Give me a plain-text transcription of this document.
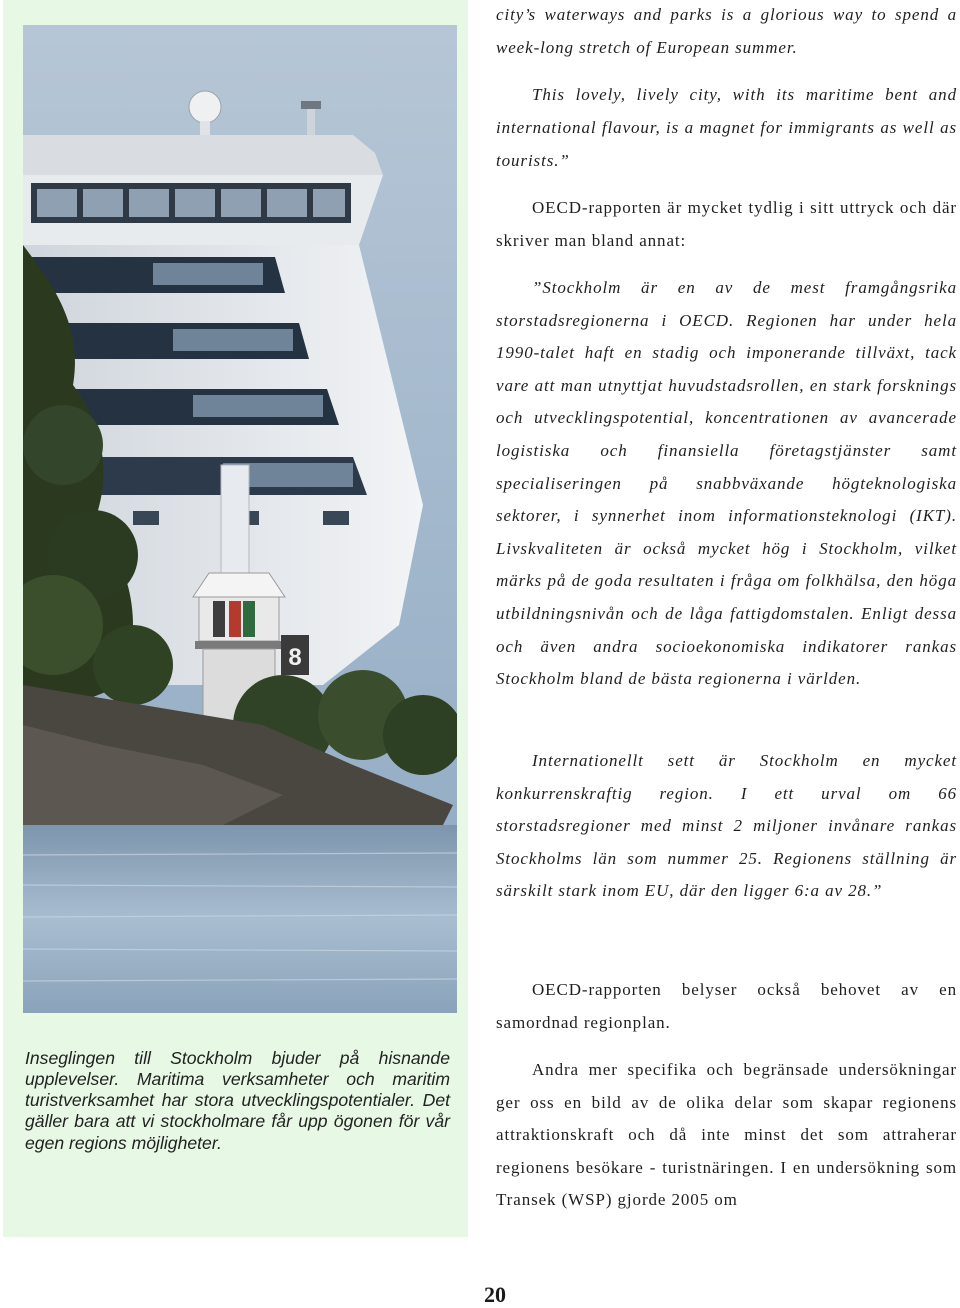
8

Inseglingen till Stockholm bjuder på hisnande upplevelser. Maritima verksamheter och maritim turistverksamhet har stora utvecklingspotentialer. Det gäller bara att vi stockholmare får upp ögonen för vår egen regions möjligheter.

city’s waterways and parks is a glorious way to spend a week-long stretch of European summer.

This lovely, lively city, with its maritime bent and international flavour, is a magnet for immigrants as well as tourists.”

OECD-rapporten är mycket tydlig i sitt uttryck och där skriver man bland annat:

”Stockholm är en av de mest framgångsrika storstadsregionerna i OECD. Regionen har under hela 1990-talet haft en stadig och imponerande tillväxt, tack vare att man utnyttjat huvudstadsrollen, en stark forsknings och utvecklingspotential, koncentrationen av avancerade logistiska och finansiella företagstjänster samt specialiseringen på snabbväxande högteknologiska sektorer, i synnerhet inom informationsteknologi (IKT). Livskvaliteten är också mycket hög i Stockholm, vilket märks på de goda resultaten i fråga om folkhälsa, den höga utbildningsnivån och de låga fattigdomstalen. Enligt dessa och även andra socioekonomiska indikatorer rankas Stockholm bland de bästa regionerna i världen.

Internationellt sett är Stockholm en mycket konkurrenskraftig region. I ett urval om 66 storstadsregioner med minst 2 miljoner invånare rankas Stockholms län som nummer 25. Regionens ställning är särskilt stark inom EU, där den ligger 6:a av 28.”

OECD-rapporten belyser också behovet av en samordnad regionplan.

Andra mer specifika och begränsade undersökningar ger oss en bild av de olika delar som skapar regionens attraktionskraft och då inte minst det som attraherar regionens besökare - turistnäringen. I en undersökning som Transek (WSP) gjorde 2005 om

20
